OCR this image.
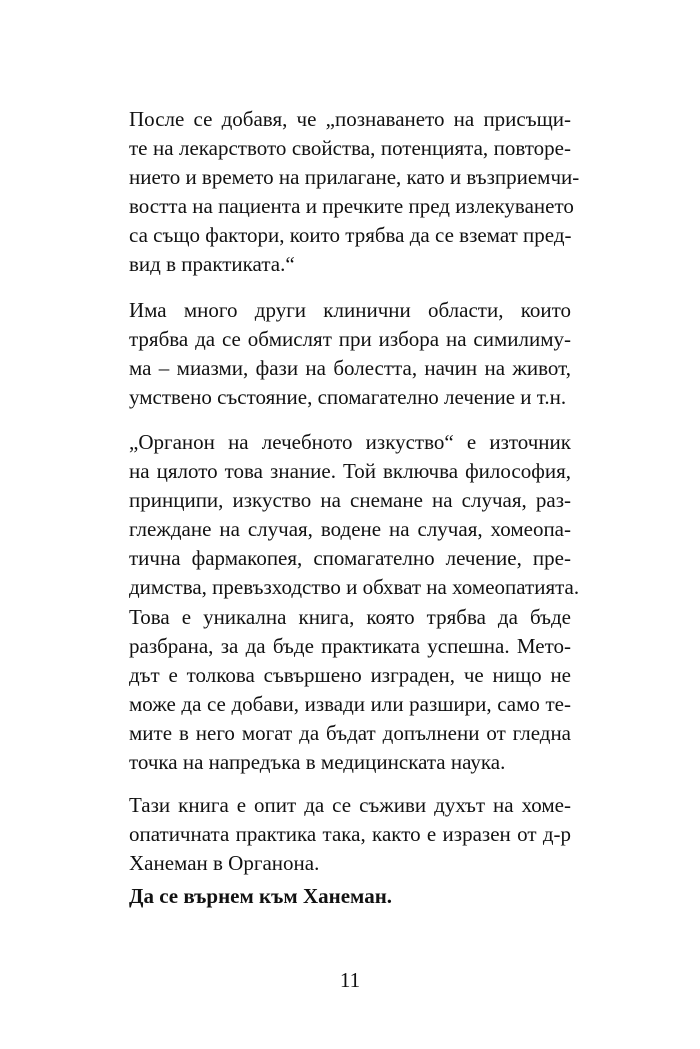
После се добавя, че „познаването на присъщи-
те на лекарството свойства, потенцията, повторе-
нието и времето на прилагане, като и възприемчи-
востта на пациента и пречките пред излекуването
са също фактори, които трябва да се вземат пред-
вид в практиката.“
Има много други клинични области, които
трябва да се обмислят при избора на симилиму-
ма – миазми, фази на болестта, начин на живот,
умствено състояние, спомагателно лечение и т.н.
„Органон на лечебното изкуство“ е източник
на цялото това знание. Той включва философия,
принципи, изкуство на снемане на случая, раз-
глеждане на случая, водене на случая, хомеопа-
тична фармакопея, спомагателно лечение, пре-
димства, превъзходство и обхват на хомеопатията.
Това е уникална книга, която трябва да бъде
разбрана, за да бъде практиката успешна. Мето-
дът е толкова съвършено изграден, че нищо не
може да се добави, извади или разшири, само те-
мите в него могат да бъдат допълнени от гледна
точка на напредъка в медицинската наука.
Тази книга е опит да се съживи духът на хоме-
опатичната практика така, както е изразен от д-р
Ханеман в Органона.
Да се върнем към Ханеман.
11
